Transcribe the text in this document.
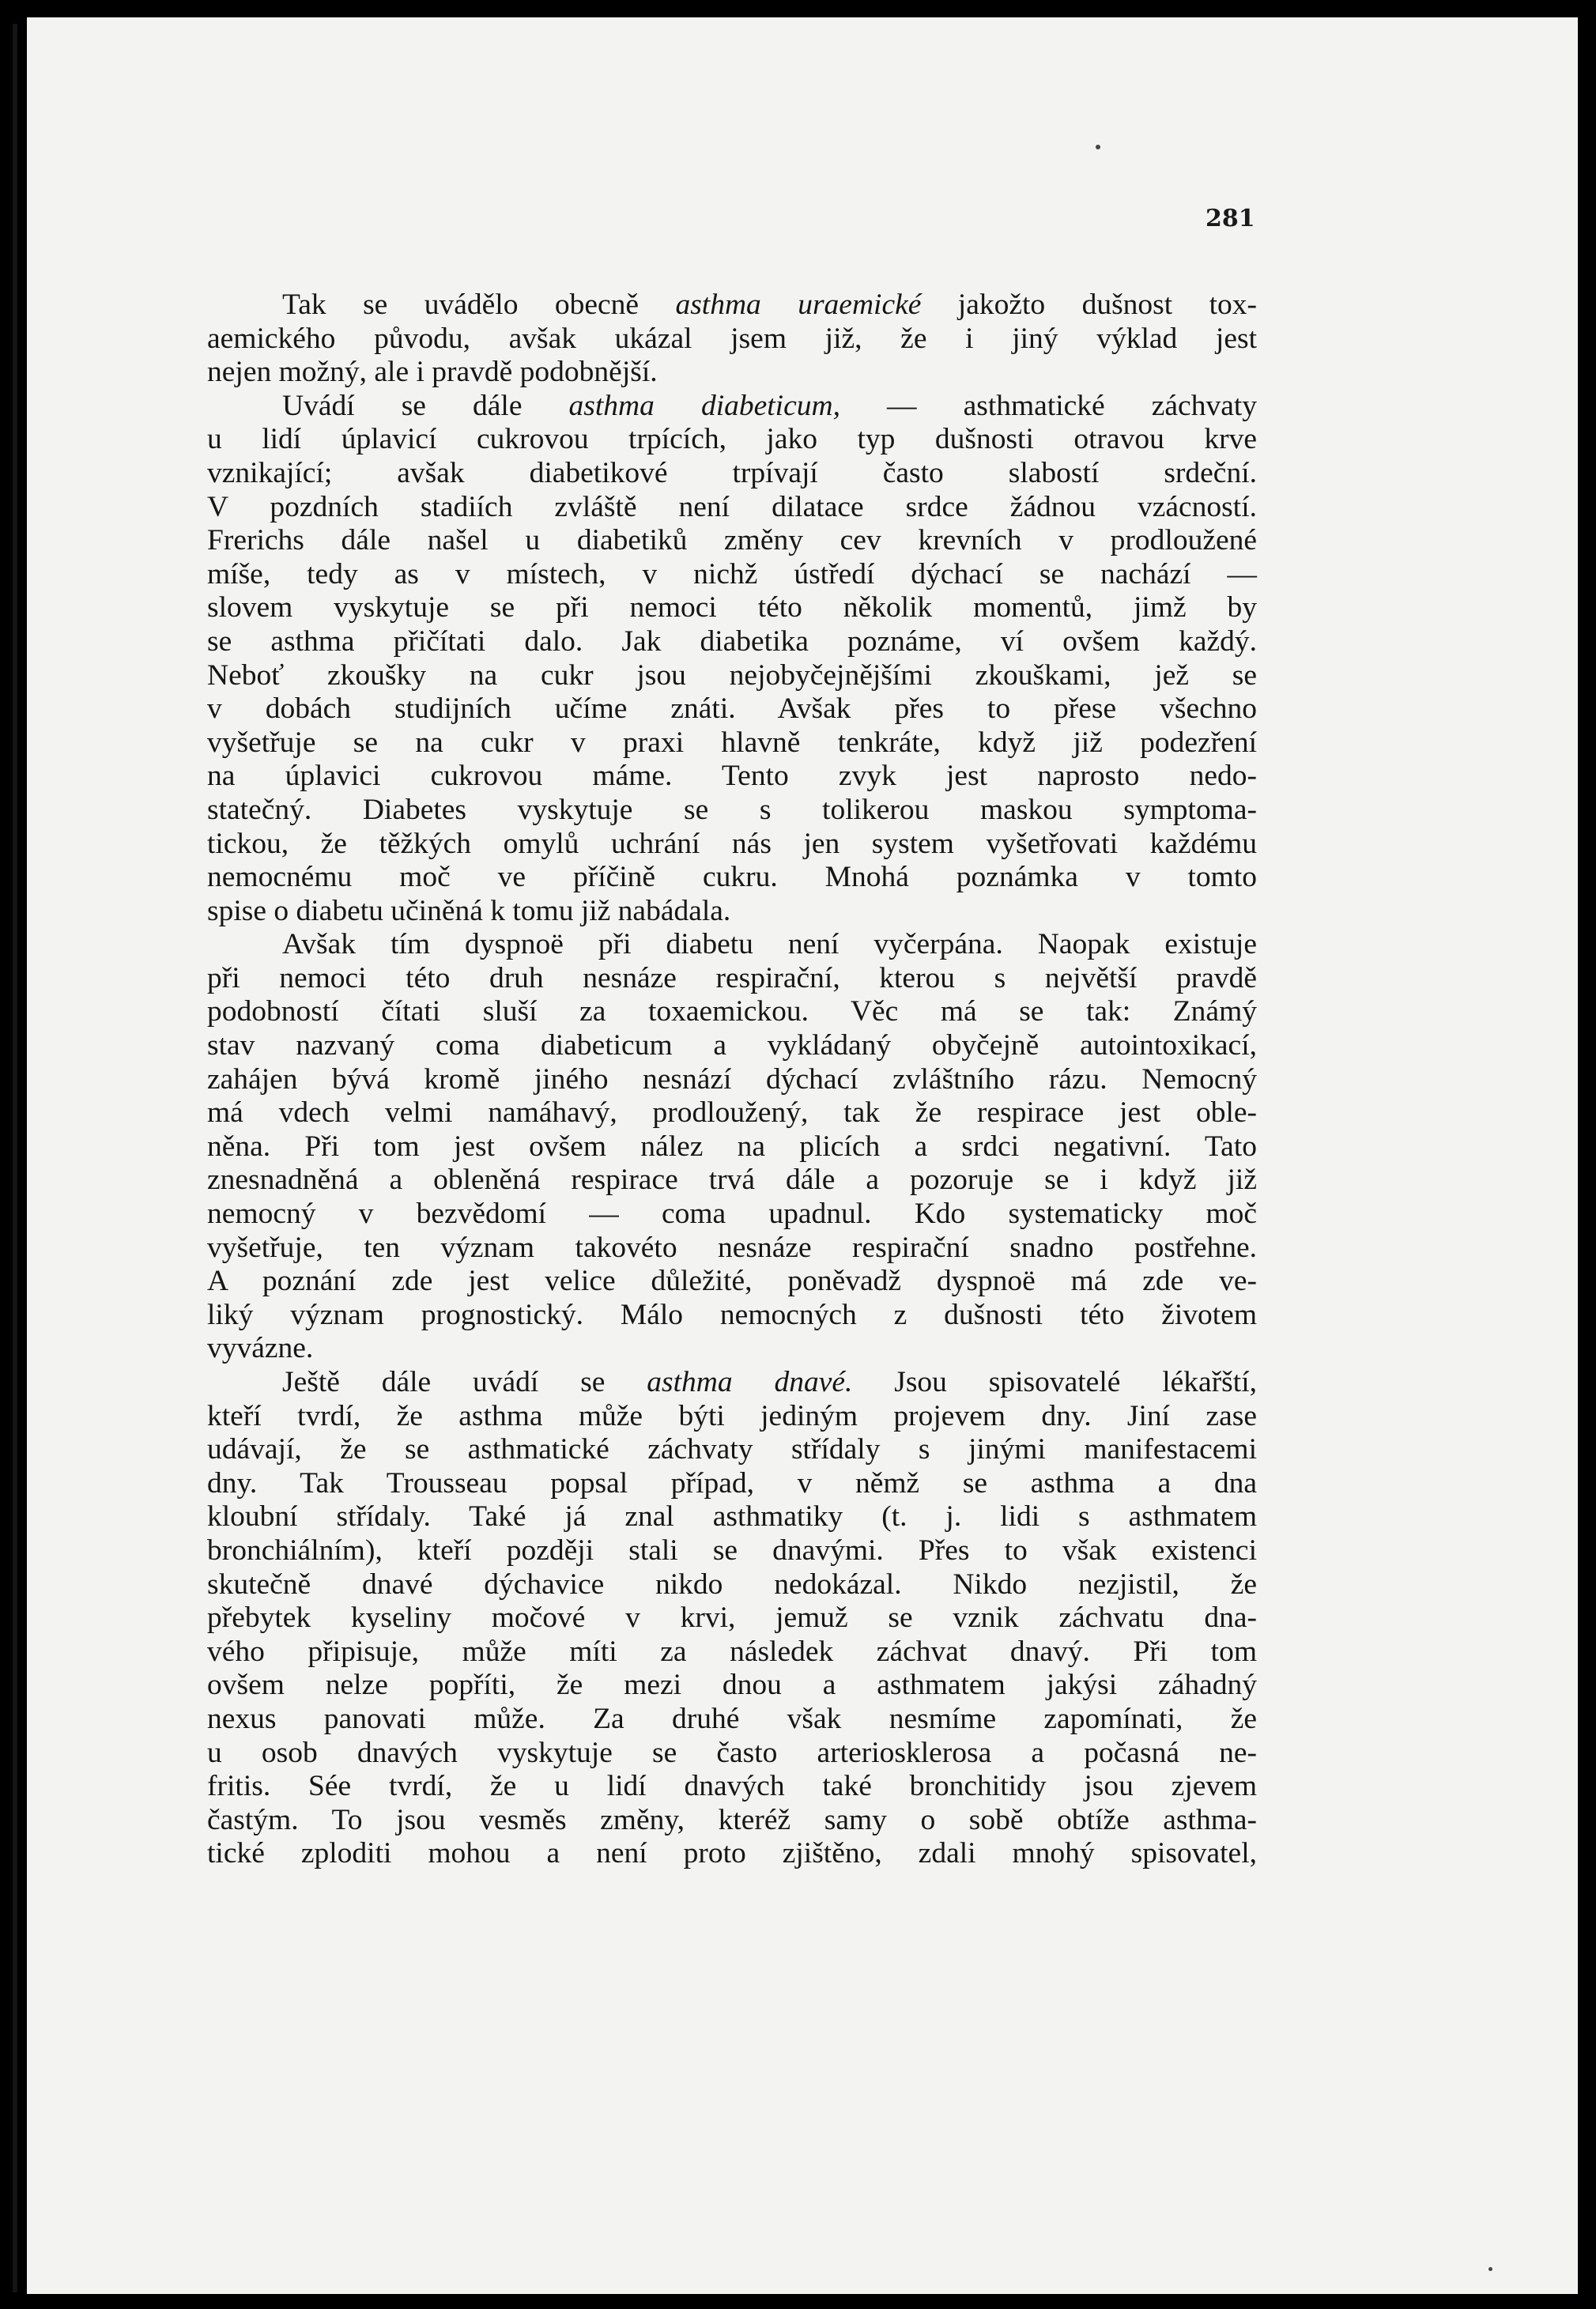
281
Tak se uvádělo obecně asthma uraemické jakožto dušnost tox-
aemického původu, avšak ukázal jsem již, že i jiný výklad jest
nejen možný, ale i pravdě podobnější.
Uvádí se dále asthma diabeticum, — asthmatické záchvaty
u lidí úplavicí cukrovou trpících, jako typ dušnosti otravou krve
vznikající; avšak diabetikové trpívají často slabostí srdeční.
V pozdních stadiích zvláště není dilatace srdce žádnou vzácností.
Frerichs dále našel u diabetiků změny cev krevních v prodloužené
míše, tedy as v místech, v nichž ústředí dýchací se nachází —
slovem vyskytuje se při nemoci této několik momentů, jimž by
se asthma přičítati dalo. Jak diabetika poznáme, ví ovšem každý.
Neboť zkoušky na cukr jsou nejobyčejnějšími zkouškami, jež se
v dobách studijních učíme znáti. Avšak přes to přese všechno
vyšetřuje se na cukr v praxi hlavně tenkráte, když již podezření
na úplavici cukrovou máme. Tento zvyk jest naprosto nedo-
statečný. Diabetes vyskytuje se s tolikerou maskou symptoma-
tickou, že těžkých omylů uchrání nás jen system vyšetřovati každému
nemocnému moč ve příčině cukru. Mnohá poznámka v tomto
spise o diabetu učiněná k tomu již nabádala.
Avšak tím dyspnoë při diabetu není vyčerpána. Naopak existuje
při nemoci této druh nesnáze respirační, kterou s největší pravdě
podobností čítati sluší za toxaemickou. Věc má se tak: Známý
stav nazvaný coma diabeticum a vykládaný obyčejně autointoxikací,
zahájen bývá kromě jiného nesnází dýchací zvláštního rázu. Nemocný
má vdech velmi namáhavý, prodloužený, tak že respirace jest oble-
něna. Při tom jest ovšem nález na plicích a srdci negativní. Tato
znesnadněná a obleněná respirace trvá dále a pozoruje se i když již
nemocný v bezvědomí — coma upadnul. Kdo systematicky moč
vyšetřuje, ten význam takovéto nesnáze respirační snadno postřehne.
A poznání zde jest velice důležité, poněvadž dyspnoë má zde ve-
liký význam prognostický. Málo nemocných z dušnosti této životem
vyvázne.
Ještě dále uvádí se asthma dnavé. Jsou spisovatelé lékařští,
kteří tvrdí, že asthma může býti jediným projevem dny. Jiní zase
udávají, že se asthmatické záchvaty střídaly s jinými manifestacemi
dny. Tak Trousseau popsal případ, v němž se asthma a dna
kloubní střídaly. Také já znal asthmatiky (t. j. lidi s asthmatem
bronchiálním), kteří později stali se dnavými. Přes to však existenci
skutečně dnavé dýchavice nikdo nedokázal. Nikdo nezjistil, že
přebytek kyseliny močové v krvi, jemuž se vznik záchvatu dna-
vého připisuje, může míti za následek záchvat dnavý. Při tom
ovšem nelze popříti, že mezi dnou a asthmatem jakýsi záhadný
nexus panovati může. Za druhé však nesmíme zapomínati, že
u osob dnavých vyskytuje se často arteriosklerosa a počasná ne-
fritis. Sée tvrdí, že u lidí dnavých také bronchitidy jsou zjevem
častým. To jsou vesměs změny, kteréž samy o sobě obtíže asthma-
tické zploditi mohou a není proto zjištěno, zdali mnohý spisovatel,
